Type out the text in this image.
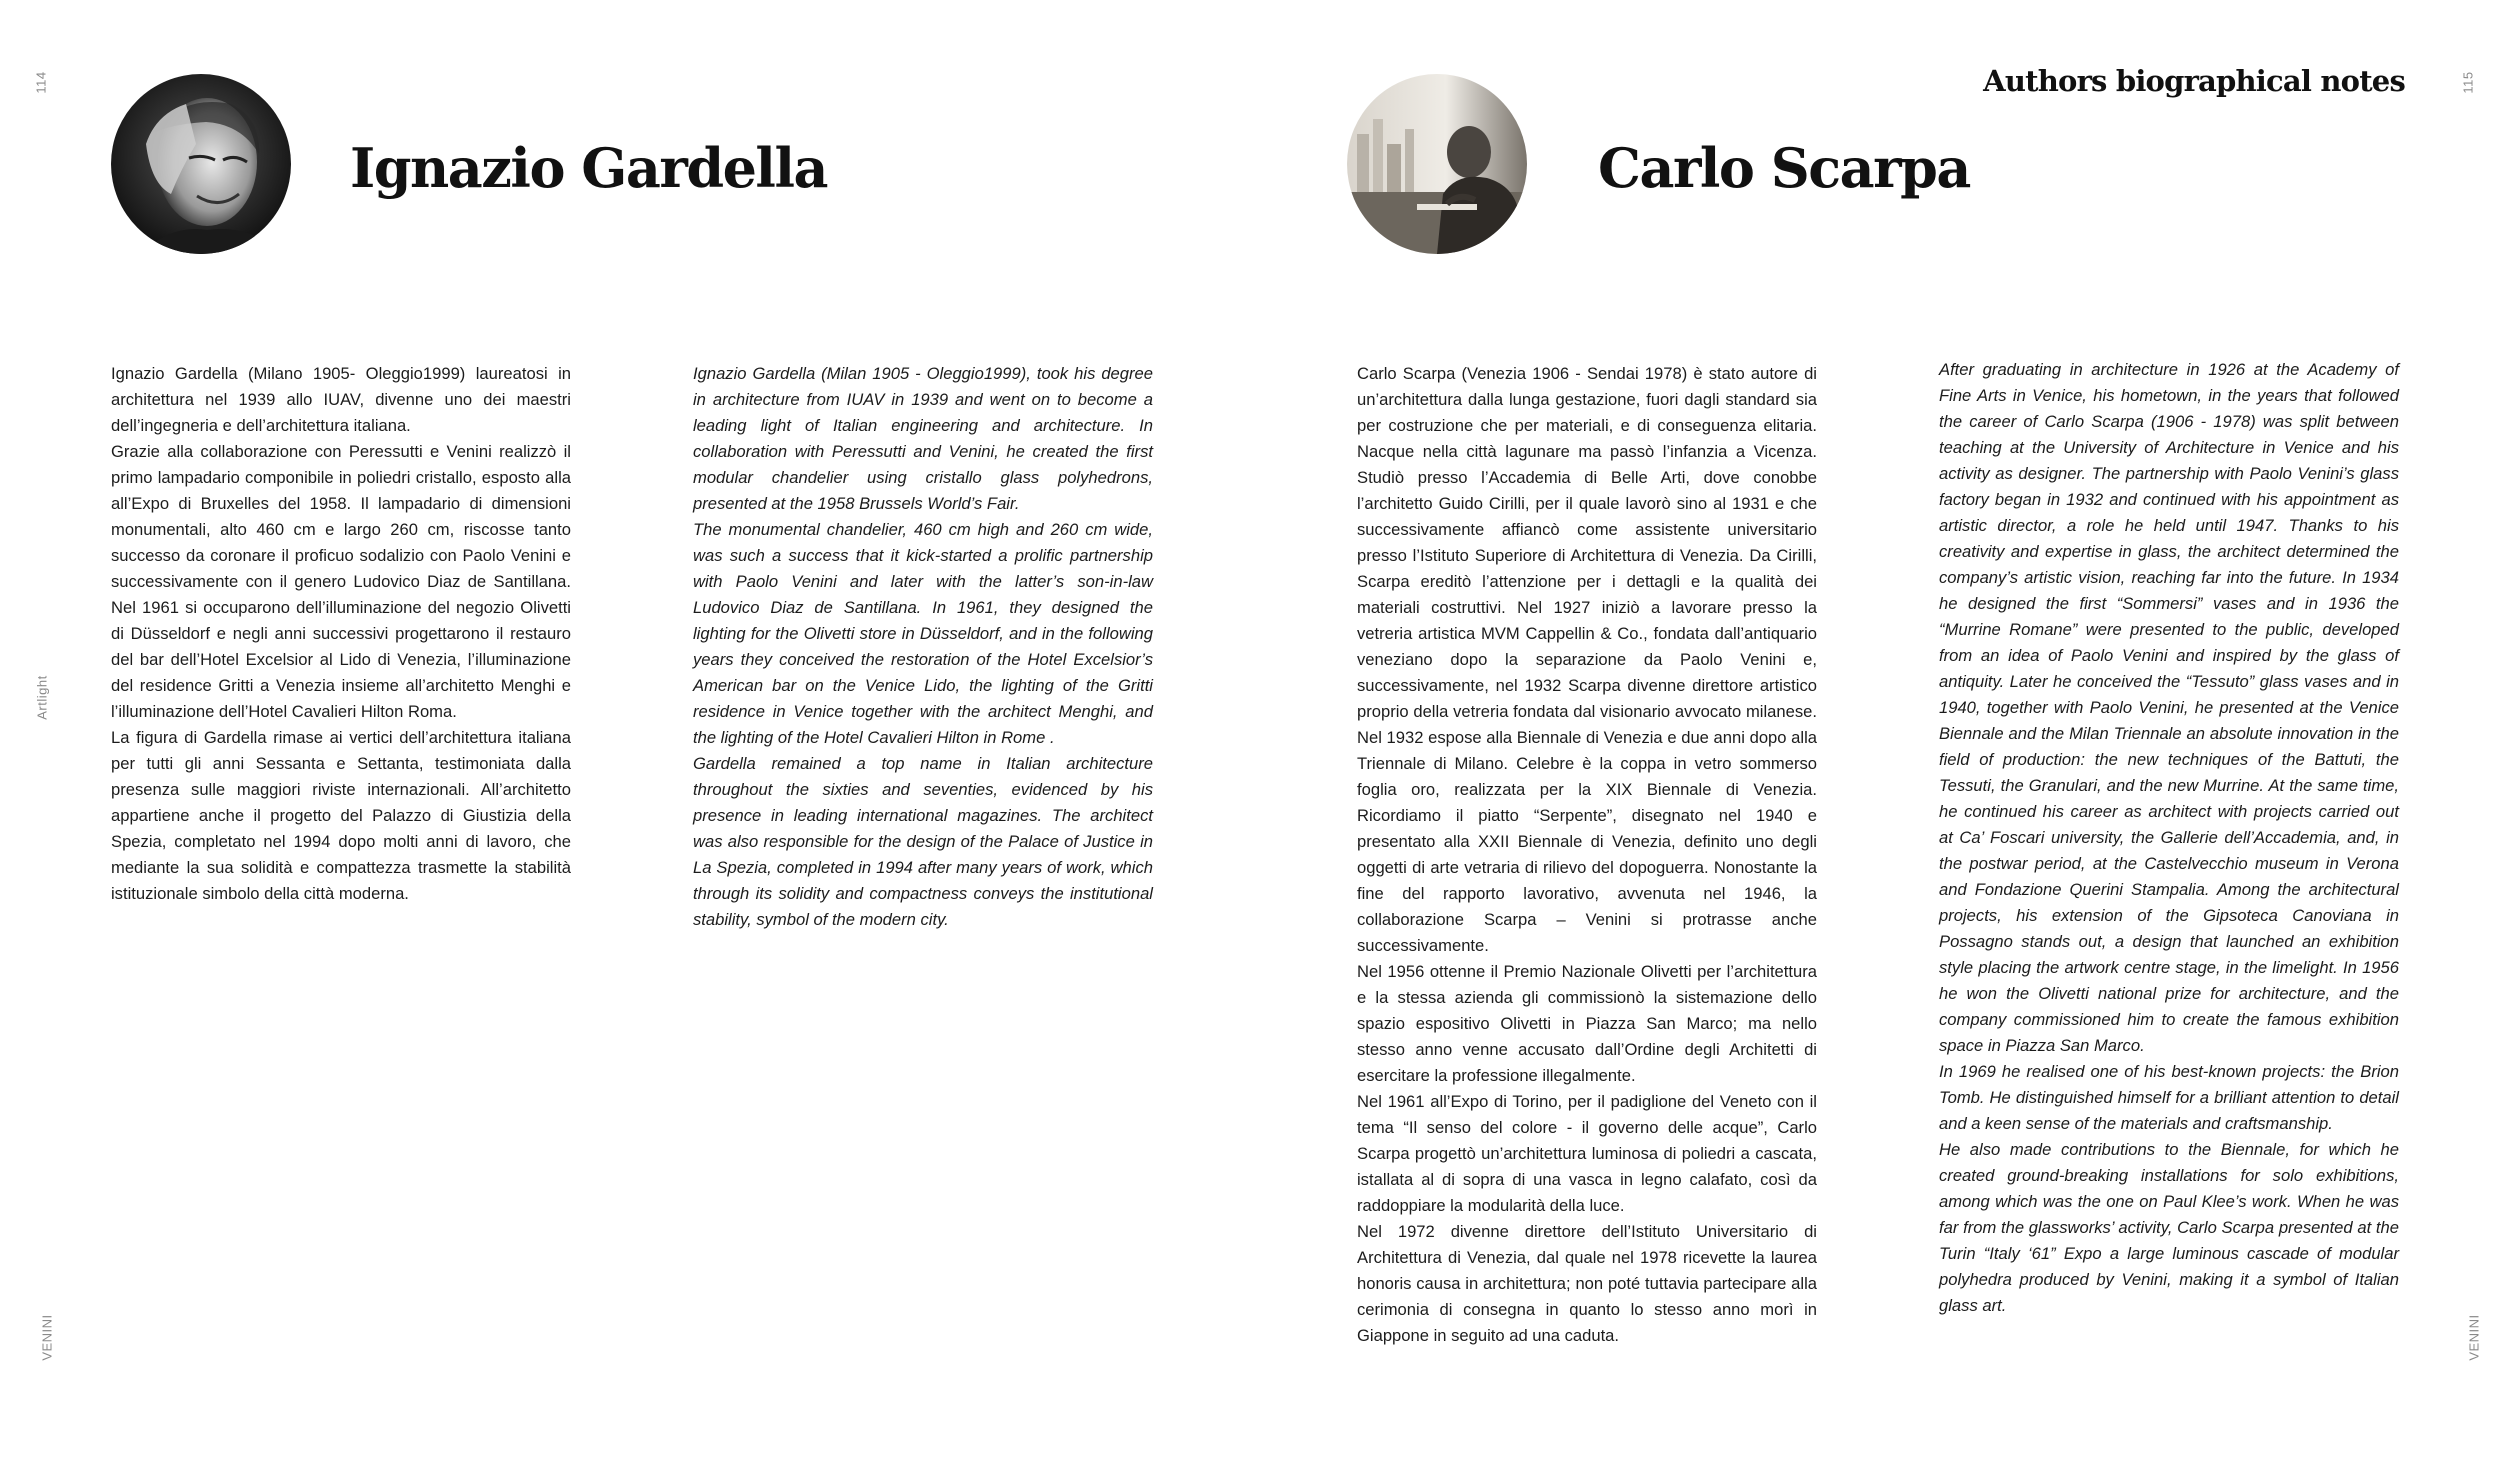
114
Artlight
VENINI
115
VENINI
Authors biographical notes
Ignazio Gardella	Carlo Scarpa

Ignazio Gardella (Milano 1905- Oleggio1999) laureatosi in architettura nel 1939 allo IUAV, divenne uno dei maestri dell’ingegneria e dell’architettura italiana.

Grazie alla collaborazione con Peressutti e Venini realizzò il primo lampadario componibile in poliedri cristallo, esposto alla all’Expo di Bruxelles del 1958. Il lampadario di dimensioni monumentali, alto 460 cm e largo 260 cm, riscosse tanto successo da coronare il proficuo sodalizio con Paolo Venini e successivamente con il genero Ludovico Diaz de Santillana. Nel 1961 si occuparono dell’illuminazione del negozio Olivetti di Düsseldorf e negli anni successivi progettarono il restauro del bar dell’Hotel Excelsior al Lido di Venezia, l’illuminazione del residence Gritti a Venezia insieme all’architetto Menghi e l’illuminazione dell’Hotel Cavalieri Hilton Roma.

La figura di Gardella rimase ai vertici dell’architettura italiana per tutti gli anni Sessanta e Settanta, testimoniata dalla presenza sulle maggiori riviste internazionali. All’architetto appartiene anche il progetto del Palazzo di Giustizia della Spezia, completato nel 1994 dopo molti anni di lavoro, che mediante la sua solidità e compattezza trasmette la stabilità istituzionale simbolo della città moderna.

Ignazio Gardella (Milan 1905 - Oleggio1999), took his degree in architecture from IUAV in 1939 and went on to become a leading light of Italian engineering and architecture. In collaboration with Peressutti and Venini, he created the first modular chandelier using cristallo glass polyhedrons, presented at the 1958 Brussels World’s Fair.

The monumental chandelier, 460 cm high and 260 cm wide, was such a success that it kick-started a prolific partnership with Paolo Venini and later with the latter’s son-in-law Ludovico Diaz de Santillana. In 1961, they designed the lighting for the Olivetti store in Düsseldorf, and in the following years they conceived the restoration of the Hotel Excelsior’s American bar on the Venice Lido, the lighting of the Gritti residence in Venice together with the architect Menghi, and the lighting of the Hotel Cavalieri Hilton in Rome .

Gardella remained a top name in Italian architecture throughout the sixties and seventies, evidenced by his presence in leading international magazines. The architect was also responsible for the design of the Palace of Justice in La Spezia, completed in 1994 after many years of work, which through its solidity and compactness conveys the institutional stability, symbol of the modern city.

Carlo Scarpa (Venezia 1906 - Sendai 1978) è stato autore di un’architettura dalla lunga gestazione, fuori dagli standard sia per costruzione che per materiali, e di conseguenza elitaria. Nacque nella città lagunare ma passò l’infanzia a Vicenza. Studiò presso l’Accademia di Belle Arti, dove conobbe l’architetto Guido Cirilli, per il quale lavorò sino al 1931 e che successivamente affiancò come assistente universitario presso l’Istituto Superiore di Architettura di Venezia. Da Cirilli, Scarpa ereditò l’attenzione per i dettagli e la qualità dei materiali costruttivi. Nel 1927 iniziò a lavorare presso la vetreria artistica MVM Cappellin & Co., fondata dall’antiquario veneziano dopo la separazione da Paolo Venini e, successivamente, nel 1932 Scarpa divenne direttore artistico proprio della vetreria fondata dal visionario avvocato milanese. Nel 1932 espose alla Biennale di Venezia e due anni dopo alla Triennale di Milano. Celebre è la coppa in vetro sommerso foglia oro, realizzata per la XIX Biennale di Venezia. Ricordiamo il piatto “Serpente”, disegnato nel 1940 e presentato alla XXII Biennale di Venezia, definito uno degli oggetti di arte vetraria di rilievo del dopoguerra. Nonostante la fine del rapporto lavorativo, avvenuta nel 1946, la collaborazione Scarpa – Venini si protrasse anche successivamente.

Nel 1956 ottenne il Premio Nazionale Olivetti per l’architettura e la stessa azienda gli commissionò la sistemazione dello spazio espositivo Olivetti in Piazza San Marco; ma nello stesso anno venne accusato dall’Ordine degli Architetti di esercitare la professione illegalmente.

Nel 1961 all’Expo di Torino, per il padiglione del Veneto con il tema “Il senso del colore - il governo delle acque”, Carlo Scarpa progettò un’architettura luminosa di poliedri a cascata, istallata al di sopra di una vasca in legno calafato, così da raddoppiare la modularità della luce.

Nel 1972 divenne direttore dell’Istituto Universitario di Architettura di Venezia, dal quale nel 1978 ricevette la laurea honoris causa in architettura; non poté tuttavia partecipare alla cerimonia di consegna in quanto lo stesso anno morì in Giappone in seguito ad una caduta.

After graduating in architecture in 1926 at the Academy of Fine Arts in Venice, his hometown, in the years that followed the career of Carlo Scarpa (1906 - 1978) was split between teaching at the University of Architecture in Venice and his activity as designer. The partnership with Paolo Venini’s glass factory began in 1932 and continued with his appointment as artistic director, a role he held until 1947. Thanks to his creativity and expertise in glass, the architect determined the company’s artistic vision, reaching far into the future. In 1934 he designed the first “Sommersi” vases and in 1936 the “Murrine Romane” were presented to the public, developed from an idea of Paolo Venini and inspired by the glass of antiquity. Later he conceived the “Tessuto” glass vases and in 1940, together with Paolo Venini, he presented at the Venice Biennale and the Milan Triennale an absolute innovation in the field of production: the new techniques of the Battuti, the Tessuti, the Granulari, and the new Murrine. At the same time, he continued his career as architect with projects carried out at Ca’ Foscari university, the Gallerie dell’Accademia, and, in the postwar period, at the Castelvecchio museum in Verona and Fondazione Querini Stampalia. Among the architectural projects, his extension of the Gipsoteca Canoviana in Possagno stands out, a design that launched an exhibition style placing the artwork centre stage, in the limelight. In 1956 he won the Olivetti national prize for architecture, and the company commissioned him to create the famous exhibition space in Piazza San Marco.

In 1969 he realised one of his best-known projects: the Brion Tomb. He distinguished himself for a brilliant attention to detail and a keen sense of the materials and craftsmanship.

He also made contributions to the Biennale, for which he created ground-breaking installations for solo exhibitions, among which was the one on Paul Klee’s work. When he was far from the glassworks’ activity, Carlo Scarpa presented at the Turin “Italy ‘61” Expo a large luminous cascade of modular polyhedra produced by Venini, making it a symbol of Italian glass art.
